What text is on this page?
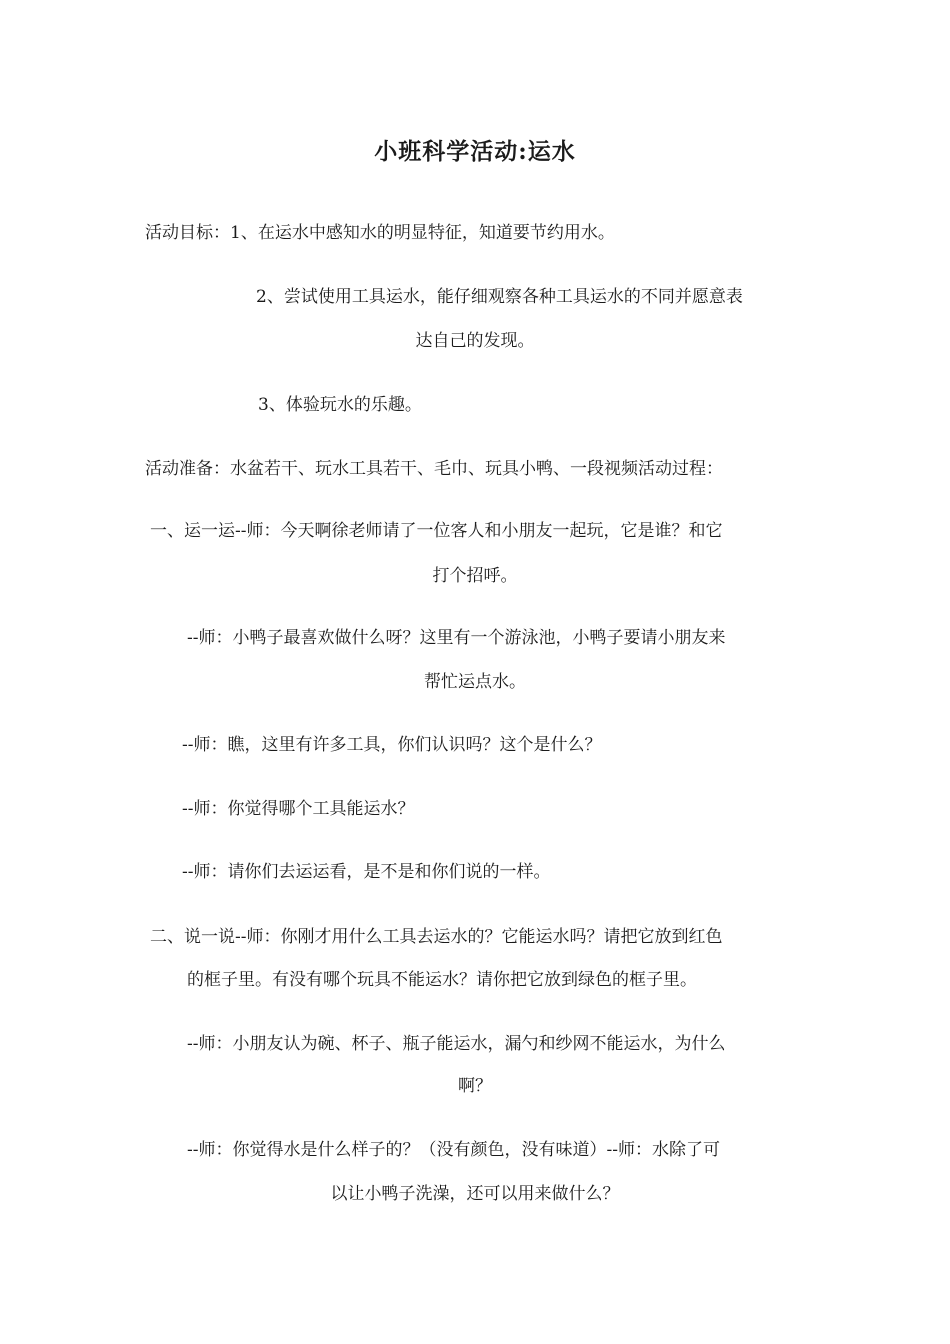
小班科学活动:运水
活动目标：1、在运水中感知水的明显特征，知道要节约用水。
2、尝试使用工具运水，能仔细观察各种工具运水的不同并愿意表
达自己的发现。
3、体验玩水的乐趣。
活动准备：水盆若干、玩水工具若干、毛巾、玩具小鸭、一段视频活动过程：
一、运一运--师：今天啊徐老师请了一位客人和小朋友一起玩，它是谁？和它
打个招呼。
--师：小鸭子最喜欢做什么呀？这里有一个游泳池，小鸭子要请小朋友来
帮忙运点水。
--师：瞧，这里有许多工具，你们认识吗？这个是什么？
--师：你觉得哪个工具能运水？
--师：请你们去运运看，是不是和你们说的一样。
二、说一说--师：你刚才用什么工具去运水的？它能运水吗？请把它放到红色
的框子里。有没有哪个玩具不能运水？请你把它放到绿色的框子里。
--师：小朋友认为碗、杯子、瓶子能运水，漏勺和纱网不能运水，为什么
啊？
--师：你觉得水是什么样子的？（没有颜色，没有味道）--师：水除了可
以让小鸭子洗澡，还可以用来做什么？
